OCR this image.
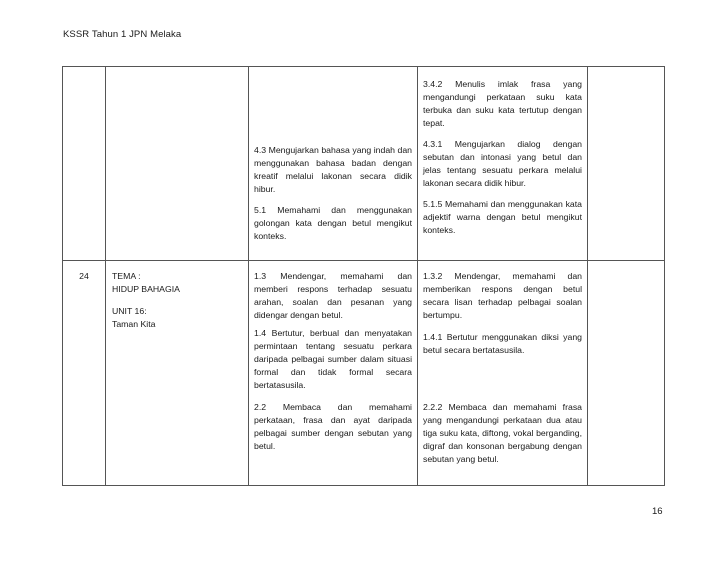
KSSR Tahun 1 JPN Melaka
4.3 Mengujarkan bahasa yang indah dan menggunakan bahasa badan dengan kreatif melalui lakonan secara didik hibur.
5.1 Memahami dan menggunakan golongan kata dengan betul mengikut konteks.
3.4.2 Menulis imlak frasa yang mengandungi perkataan suku kata terbuka dan suku kata tertutup dengan tepat.
4.3.1 Mengujarkan dialog dengan sebutan dan intonasi yang betul dan jelas tentang sesuatu perkara melalui lakonan secara didik hibur.
5.1.5 Memahami dan menggunakan kata adjektif warna dengan betul mengikut konteks.
24	TEMA :
HIDUP BAHAGIA
UNIT 16:
Taman Kita
1.3 Mendengar, memahami dan memberi respons terhadap sesuatu arahan, soalan dan pesanan yang didengar dengan betul.
1.4 Bertutur, berbual dan menyatakan permintaan tentang sesuatu perkara daripada pelbagai sumber dalam situasi formal dan tidak formal secara bertatasusila.
2.2 Membaca dan memahami perkataan, frasa dan ayat daripada pelbagai sumber dengan sebutan yang betul.
1.3.2 Mendengar, memahami dan memberikan respons dengan betul secara lisan terhadap pelbagai soalan bertumpu.
1.4.1 Bertutur menggunakan diksi yang betul secara bertatasusila.
2.2.2 Membaca dan memahami frasa yang mengandungi perkataan dua atau tiga suku kata, diftong, vokal berganding, digraf dan konsonan bergabung dengan sebutan yang betul.
16
